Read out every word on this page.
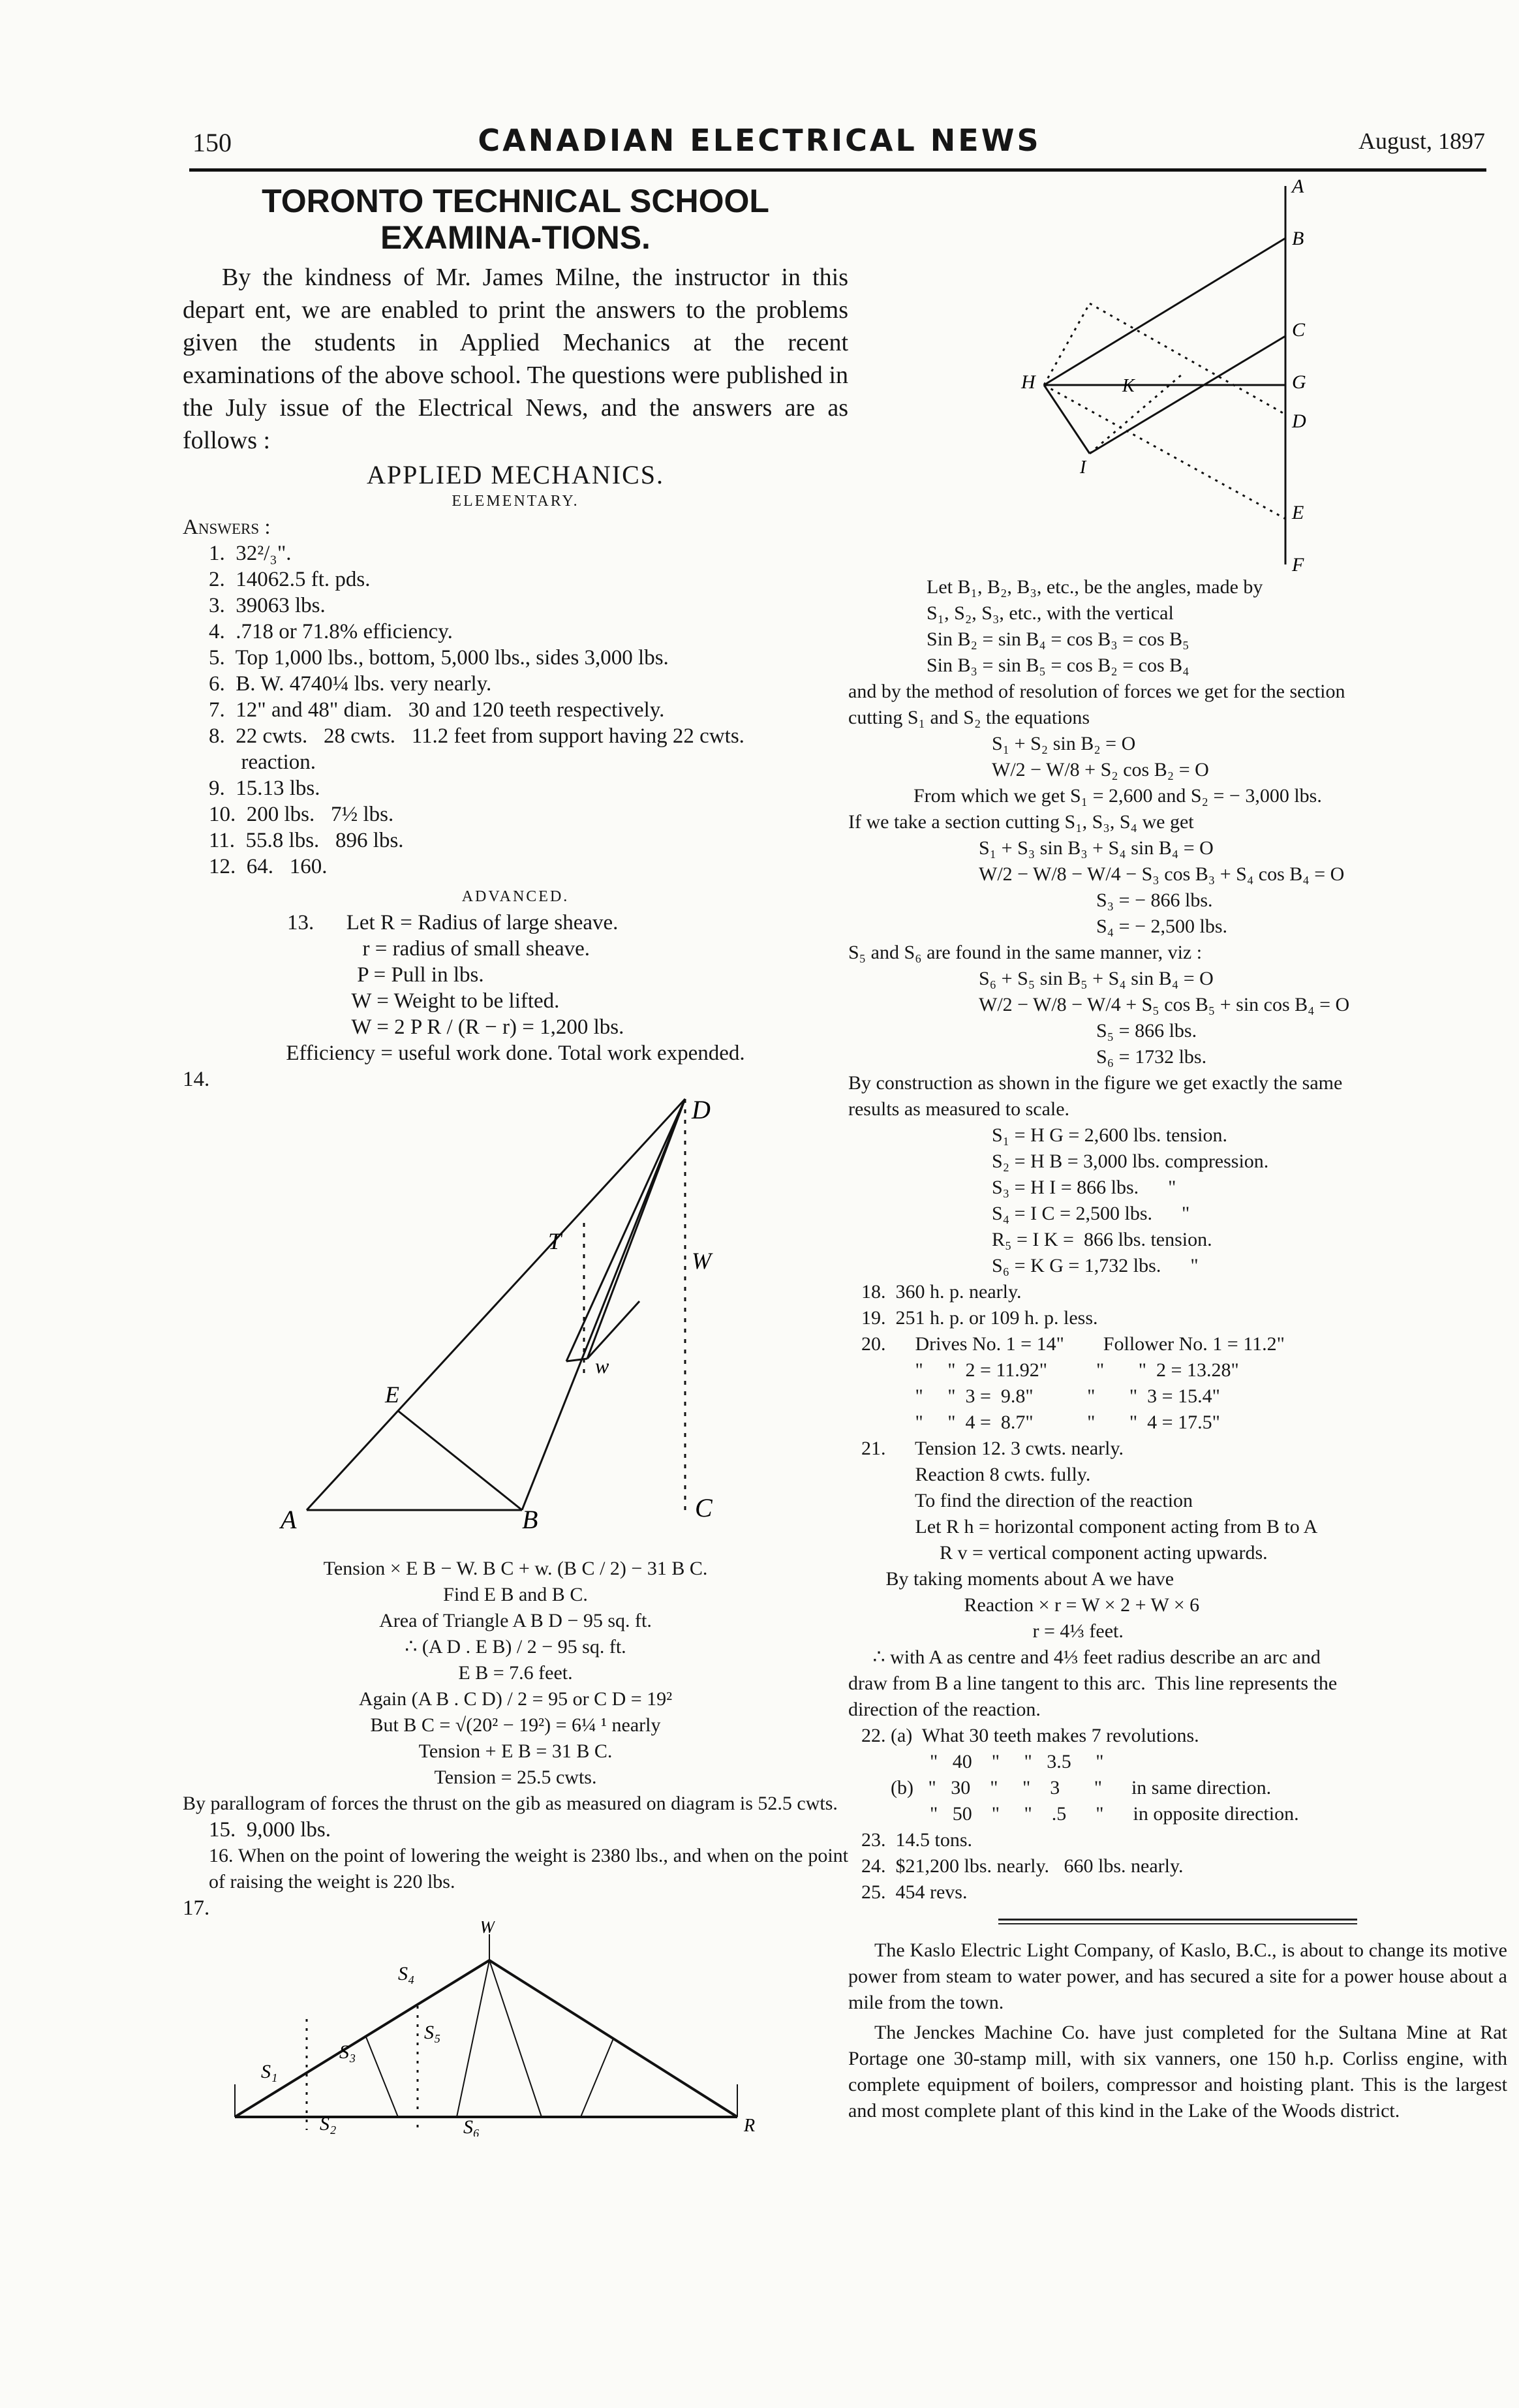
150	CANADIAN ELECTRICAL NEWS	August, 1897
TORONTO TECHNICAL SCHOOL EXAMINA-TIONS.

By the kindness of Mr. James Milne, the instructor in this depart ent, we are enabled to print the answers to the problems given the students in Applied Mechanics at the recent examinations of the above school. The questions were published in the July issue of the Electrical News, and the answers are as follows :

APPLIED MECHANICS.
ELEMENTARY.
Answers :
1.  32²/₃".
2.  14062.5 ft. pds.
3.  39063 lbs.
4.  .718 or 71.8% efficiency.
5.  Top 1,000 lbs., bottom, 5,000 lbs., sides 3,000 lbs.
6.  B. W. 4740¼ lbs. very nearly.
7.  12" and 48" diam.   30 and 120 teeth respectively.
8.  22 cwts.   28 cwts.   11.2 feet from support having 22 cwts.
reaction.
9.  15.13 lbs.
10.  200 lbs.   7½ lbs.
11.  55.8 lbs.   896 lbs.
12.  64.   160.
ADVANCED.
13.      Let R = Radius of large sheave.
r = radius of small sheave.
P = Pull in lbs.
W = Weight to be lifted.
W = 2 P R / (R − r) = 1,200 lbs.
Efficiency = useful work done. Total work expended.
14.
A	B	C
D
E
T
W
w
Tension × E B − W. B C + w. (B C / 2) − 31 B C.
Find E B and B C.
Area of Triangle A B D − 95 sq. ft.
∴ (A D . E B) / 2 − 95 sq. ft.
E B = 7.6 feet.
Again (A B . C D) / 2 = 95 or C D = 19²
But B C = √(20² − 19²) = 6¼ ¹ nearly
Tension + E B = 31 B C.
Tension = 25.5 cwts.
By parallogram of forces the thrust on the gib as measured on diagram is 52.5 cwts.
15.  9,000 lbs.
16. When on the point of lowering the weight is 2380 lbs., and when on the point of raising the weight is 220 lbs.
17.
S₁
S₃
S₄
S₅
S₂	S₆	R
W
A
B
C
G
D
E
F
H	K
I
Let B₁, B₂, B₃, etc., be the angles, made by
S₁, S₂, S₃, etc., with the vertical
Sin B₂ = sin B₄ = cos B₃ = cos B₅
Sin B₃ = sin B₅ = cos B₂ = cos B₄
and by the method of resolution of forces we get for the section
cutting S₁ and S₂ the equations
S₁ + S₂ sin B₂ = O
W/2 − W/8 + S₂ cos B₂ = O
From which we get S₁ = 2,600 and S₂ = − 3,000 lbs.
If we take a section cutting S₁, S₃, S₄ we get
S₁ + S₃ sin B₃ + S₄ sin B₄ = O
W/2 − W/8 − W/4 − S₃ cos B₃ + S₄ cos B₄ = O
S₃ = − 866 lbs.
S₄ = − 2,500 lbs.
S₅ and S₆ are found in the same manner, viz :
S₆ + S₅ sin B₅ + S₄ sin B₄ = O
W/2 − W/8 − W/4 + S₅ cos B₅ + sin cos B₄ = O
S₅ = 866 lbs.
S₆ = 1732 lbs.
By construction as shown in the figure we get exactly the same
results as measured to scale.
S₁ = H G = 2,600 lbs. tension.
S₂ = H B = 3,000 lbs. compression.
S₃ = H I = 866 lbs.      "
S₄ = I C = 2,500 lbs.      "
R₅ = I K =  866 lbs. tension.
S₆ = K G = 1,732 lbs.      "
18.  360 h. p. nearly.
19.  251 h. p. or 109 h. p. less.
20.      Drives No. 1 = 14"        Follower No. 1 = 11.2"
"     "  2 = 11.92"          "       "  2 = 13.28"
"     "  3 =  9.8"           "       "  3 = 15.4"
"     "  4 =  8.7"           "       "  4 = 17.5"
21.      Tension 12. 3 cwts. nearly.
Reaction 8 cwts. fully.
To find the direction of the reaction
Let R h = horizontal component acting from B to A
R v = vertical component acting upwards.
By taking moments about A we have
Reaction × r = W × 2 + W × 6
r = 4⅓ feet.
∴ with A as centre and 4⅓ feet radius describe an arc and
draw from B a line tangent to this arc.  This line represents the
direction of the reaction.
22. (a)  What 30 teeth makes 7 revolutions.
"   40    "     "   3.5     "
(b)   "   30    "     "    3       "      in same direction.
"   50    "     "    .5      "      in opposite direction.
23.  14.5 tons.
24.  $21,200 lbs. nearly.   660 lbs. nearly.
25.  454 revs.

The Kaslo Electric Light Company, of Kaslo, B.C., is about to change its motive power from steam to water power, and has secured a site for a power house about a mile from the town.

The Jenckes Machine Co. have just completed for the Sultana Mine at Rat Portage one 30-stamp mill, with six vanners, one 150 h.p. Corliss engine, with complete equipment of boilers, compressor and hoisting plant. This is the largest and most complete plant of this kind in the Lake of the Woods district.
